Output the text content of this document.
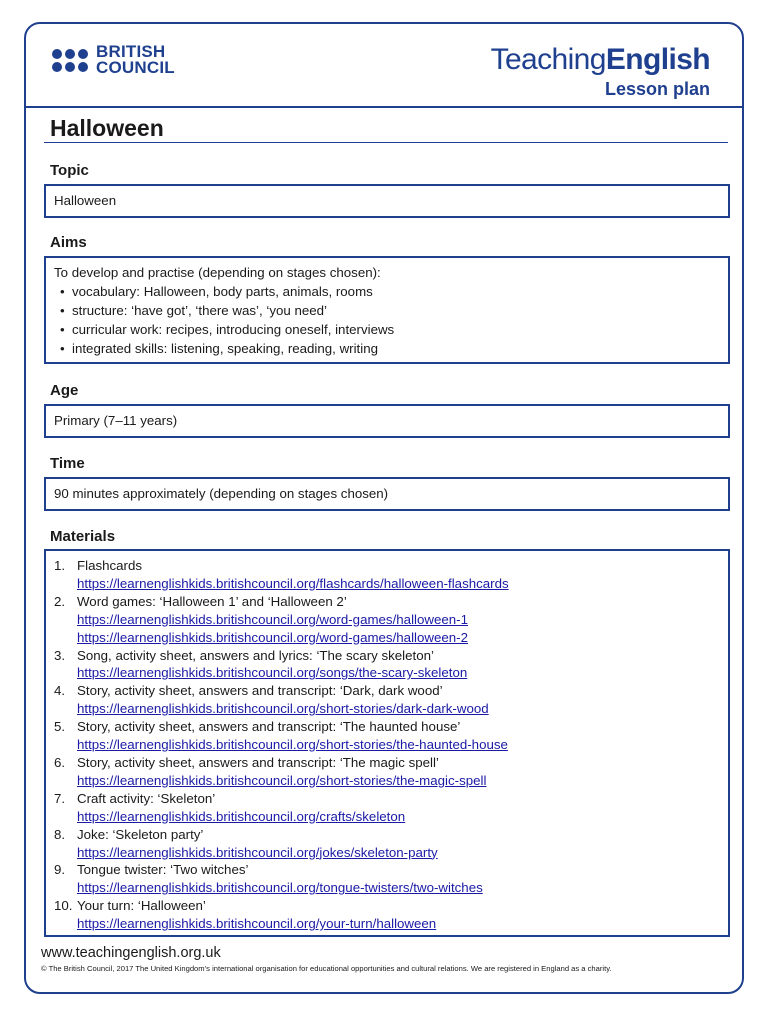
BRITISH
COUNCIL	TeachingEnglish
Lesson plan
Halloween
Topic
Halloween
Aims
To develop and practise (depending on stages chosen):
• vocabulary: Halloween, body parts, animals, rooms
• structure: ‘have got’, ‘there was’, ‘you need’
• curricular work: recipes, introducing oneself, interviews
• integrated skills: listening, speaking, reading, writing
Age
Primary (7–11 years)
Time
90 minutes approximately (depending on stages chosen)
Materials
1. Flashcards
https://learnenglishkids.britishcouncil.org/flashcards/halloween-flashcards
2. Word games: ‘Halloween 1’ and ‘Halloween 2’
https://learnenglishkids.britishcouncil.org/word-games/halloween-1
https://learnenglishkids.britishcouncil.org/word-games/halloween-2
3. Song, activity sheet, answers and lyrics: ‘The scary skeleton’
https://learnenglishkids.britishcouncil.org/songs/the-scary-skeleton
4. Story, activity sheet, answers and transcript: ‘Dark, dark wood’
https://learnenglishkids.britishcouncil.org/short-stories/dark-dark-wood
5. Story, activity sheet, answers and transcript: ‘The haunted house’
https://learnenglishkids.britishcouncil.org/short-stories/the-haunted-house
6. Story, activity sheet, answers and transcript: ‘The magic spell’
https://learnenglishkids.britishcouncil.org/short-stories/the-magic-spell
7. Craft activity: ‘Skeleton’
https://learnenglishkids.britishcouncil.org/crafts/skeleton
8. Joke: ‘Skeleton party’
https://learnenglishkids.britishcouncil.org/jokes/skeleton-party
9. Tongue twister: ‘Two witches’
https://learnenglishkids.britishcouncil.org/tongue-twisters/two-witches
10. Your turn: ‘Halloween’
https://learnenglishkids.britishcouncil.org/your-turn/halloween
www.teachingenglish.org.uk
© The British Council, 2017 The United Kingdom’s international organisation for educational opportunities and cultural relations. We are registered in England as a charity.
